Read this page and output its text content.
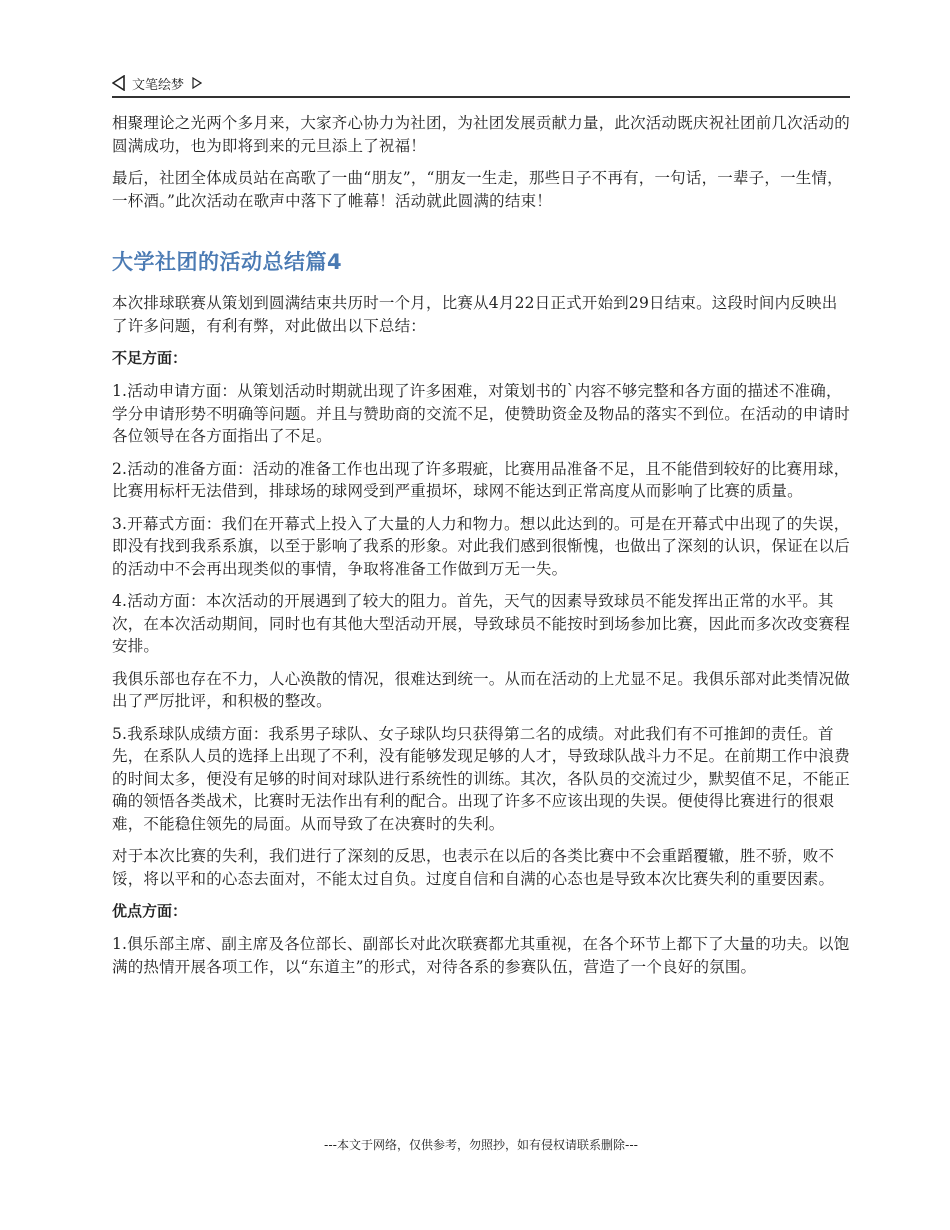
文笔绘梦

相聚理论之光两个多月来，大家齐心协力为社团，为社团发展贡献力量，此次活动既庆祝社团前几次活动的圆满成功，也为即将到来的元旦添上了祝福！

最后，社团全体成员站在高歌了一曲“朋友”，“朋友一生走，那些日子不再有，一句话，一辈子，一生情，一杯酒。”此次活动在歌声中落下了帷幕！活动就此圆满的结束！

大学社团的活动总结篇4

本次排球联赛从策划到圆满结束共历时一个月，比赛从4月22日正式开始到29日结束。这段时间内反映出了许多问题，有利有弊，对此做出以下总结：

不足方面：

1.活动申请方面：从策划活动时期就出现了许多困难，对策划书的`内容不够完整和各方面的描述不准确，学分申请形势不明确等问题。并且与赞助商的交流不足，使赞助资金及物品的落实不到位。在活动的申请时各位领导在各方面指出了不足。

2.活动的准备方面：活动的准备工作也出现了许多瑕疵，比赛用品准备不足，且不能借到较好的比赛用球，比赛用标杆无法借到，排球场的球网受到严重损坏，球网不能达到正常高度从而影响了比赛的质量。

3.开幕式方面：我们在开幕式上投入了大量的人力和物力。想以此达到的。可是在开幕式中出现了的失误，即没有找到我系系旗，以至于影响了我系的形象。对此我们感到很惭愧，也做出了深刻的认识，保证在以后的活动中不会再出现类似的事情，争取将准备工作做到万无一失。

4.活动方面：本次活动的开展遇到了较大的阻力。首先，天气的因素导致球员不能发挥出正常的水平。其次，在本次活动期间，同时也有其他大型活动开展，导致球员不能按时到场参加比赛，因此而多次改变赛程安排。

我俱乐部也存在不力，人心涣散的情况，很难达到统一。从而在活动的上尤显不足。我俱乐部对此类情况做出了严厉批评，和积极的整改。

5.我系球队成绩方面：我系男子球队、女子球队均只获得第二名的成绩。对此我们有不可推卸的责任。首先，在系队人员的选择上出现了不利，没有能够发现足够的人才，导致球队战斗力不足。在前期工作中浪费的时间太多，便没有足够的时间对球队进行系统性的训练。其次，各队员的交流过少，默契值不足，不能正确的领悟各类战术，比赛时无法作出有利的配合。出现了许多不应该出现的失误。便使得比赛进行的很艰难，不能稳住领先的局面。从而导致了在决赛时的失利。

对于本次比赛的失利，我们进行了深刻的反思，也表示在以后的各类比赛中不会重蹈覆辙，胜不骄，败不馁，将以平和的心态去面对，不能太过自负。过度自信和自满的心态也是导致本次比赛失利的重要因素。

优点方面：

1.俱乐部主席、副主席及各位部长、副部长对此次联赛都尤其重视，在各个环节上都下了大量的功夫。以饱满的热情开展各项工作，以“东道主”的形式，对待各系的参赛队伍，营造了一个良好的氛围。

---本文于网络，仅供参考，勿照抄，如有侵权请联系删除---
